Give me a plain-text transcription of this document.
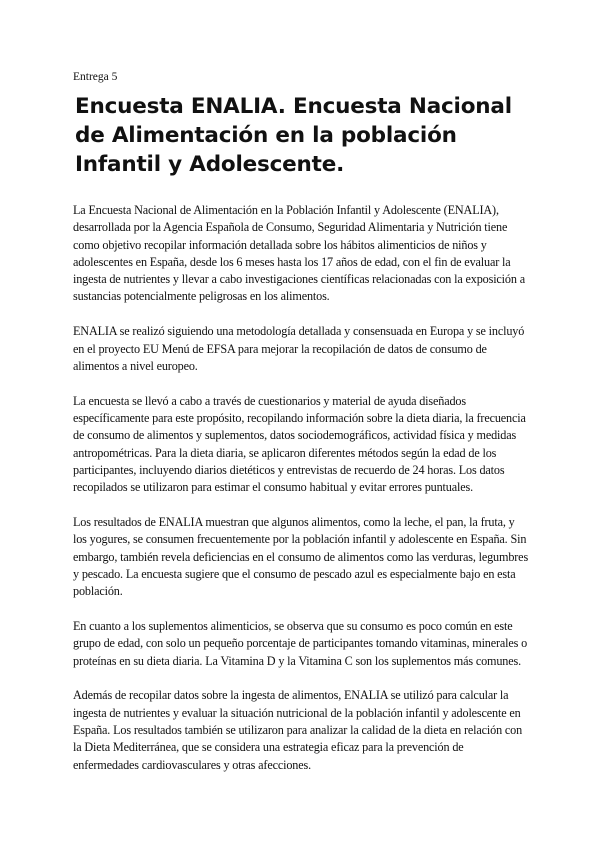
Entrega 5
Encuesta ENALIA. Encuesta Nacional de Alimentación en la población Infantil y Adolescente.

La Encuesta Nacional de Alimentación en la Población Infantil y Adolescente (ENALIA), desarrollada por la Agencia Española de Consumo, Seguridad Alimentaria y Nutrición tiene como objetivo recopilar información detallada sobre los hábitos alimenticios de niños y adolescentes en España, desde los 6 meses hasta los 17 años de edad, con el fin de evaluar la ingesta de nutrientes y llevar a cabo investigaciones científicas relacionadas con la exposición a sustancias potencialmente peligrosas en los alimentos.

ENALIA se realizó siguiendo una metodología detallada y consensuada en Europa y se incluyó en el proyecto EU Menú de EFSA para mejorar la recopilación de datos de consumo de alimentos a nivel europeo.

La encuesta se llevó a cabo a través de cuestionarios y material de ayuda diseñados específicamente para este propósito, recopilando información sobre la dieta diaria, la frecuencia de consumo de alimentos y suplementos, datos sociodemográficos, actividad física y medidas antropométricas. Para la dieta diaria, se aplicaron diferentes métodos según la edad de los participantes, incluyendo diarios dietéticos y entrevistas de recuerdo de 24 horas. Los datos recopilados se utilizaron para estimar el consumo habitual y evitar errores puntuales.

Los resultados de ENALIA muestran que algunos alimentos, como la leche, el pan, la fruta, y los yogures, se consumen frecuentemente por la población infantil y adolescente en España. Sin embargo, también revela deficiencias en el consumo de alimentos como las verduras, legumbres y pescado. La encuesta sugiere que el consumo de pescado azul es especialmente bajo en esta población.

En cuanto a los suplementos alimenticios, se observa que su consumo es poco común en este grupo de edad, con solo un pequeño porcentaje de participantes tomando vitaminas, minerales o proteínas en su dieta diaria. La Vitamina D y la Vitamina C son los suplementos más comunes.

Además de recopilar datos sobre la ingesta de alimentos, ENALIA se utilizó para calcular la ingesta de nutrientes y evaluar la situación nutricional de la población infantil y adolescente en España. Los resultados también se utilizaron para analizar la calidad de la dieta en relación con la Dieta Mediterránea, que se considera una estrategia eficaz para la prevención de enfermedades cardiovasculares y otras afecciones.
